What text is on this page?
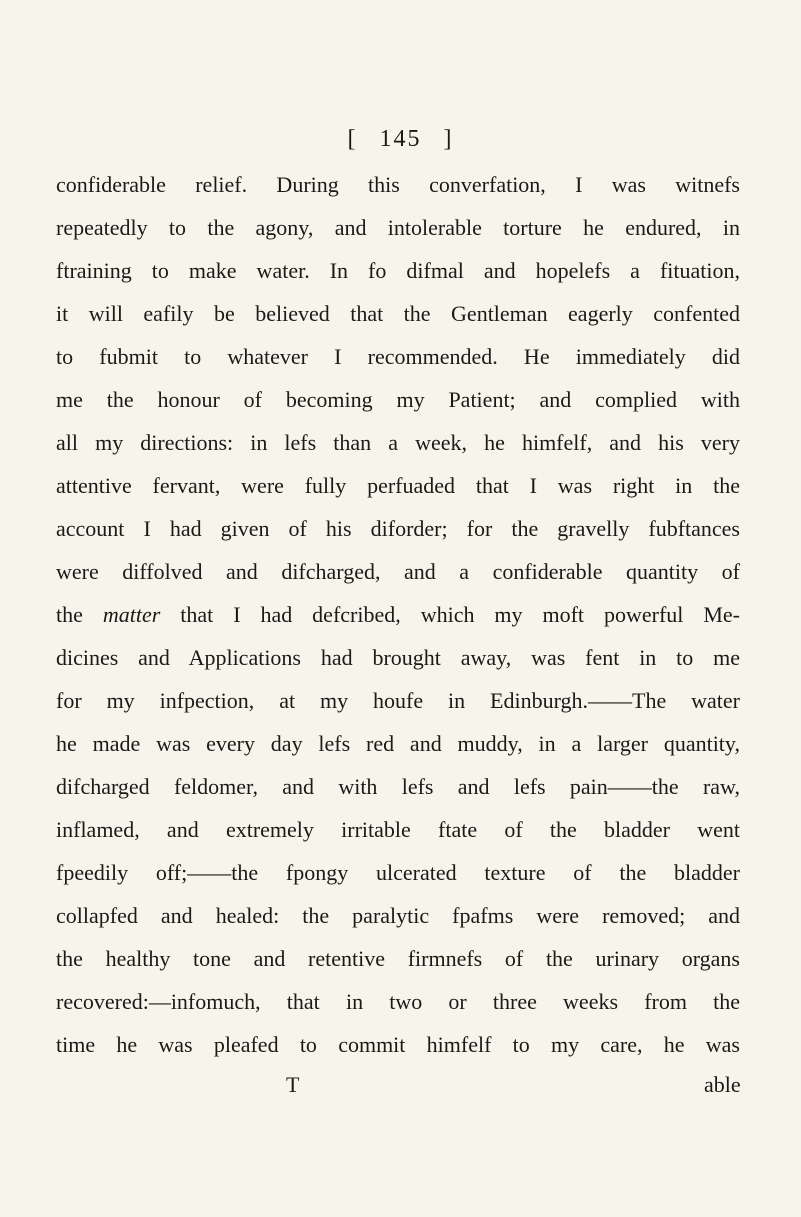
[ 145 ]
confiderable relief. During this converfation, I was witnefs
repeatedly to the agony, and intolerable torture he endured, in
ftraining to make water. In fo difmal and hopelefs a fituation,
it will eafily be believed that the Gentleman eagerly confented
to fubmit to whatever I recommended. He immediately did
me the honour of becoming my Patient; and complied with
all my directions: in lefs than a week, he himfelf, and his very
attentive fervant, were fully perfuaded that I was right in the
account I had given of his diforder; for the gravelly fubftances
were diffolved and difcharged, and a confiderable quantity of
the matter that I had defcribed, which my moft powerful Me-
dicines and Applications had brought away, was fent in to me
for my infpection, at my houfe in Edinburgh.——The water
he made was every day lefs red and muddy, in a larger quantity,
difcharged feldomer, and with lefs and lefs pain——the raw,
inflamed, and extremely irritable ftate of the bladder went
fpeedily off;——the fpongy ulcerated texture of the bladder
collapfed and healed: the paralytic fpafms were removed; and
the healthy tone and retentive firmnefs of the urinary organs
recovered:—infomuch, that in two or three weeks from the
time he was pleafed to commit himfelf to my care, he was
T	able
